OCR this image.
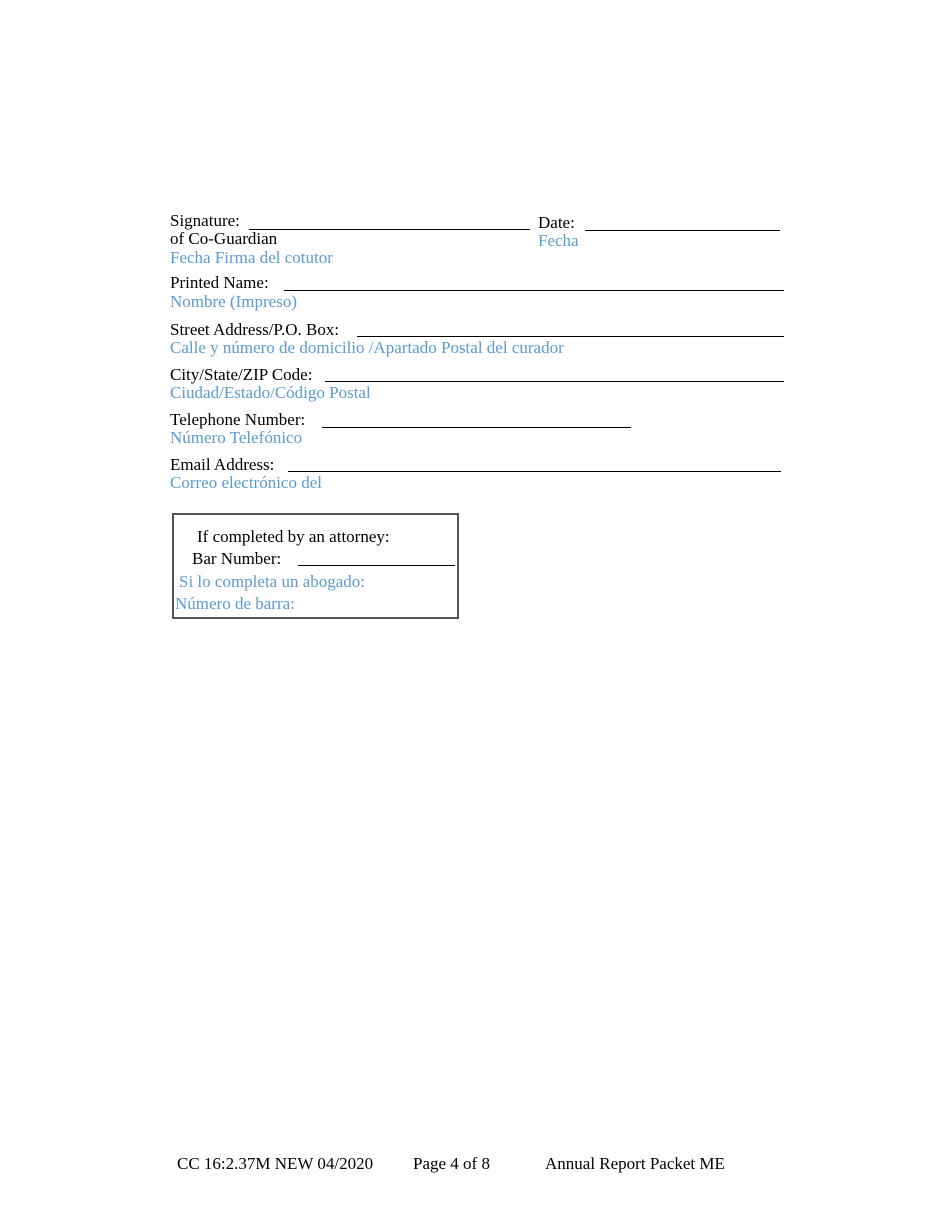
Signature:
of Co-Guardian
Fecha Firma del cotutor
Date:
Fecha
Printed Name:
Nombre (Impreso)
Street Address/P.O. Box:
Calle y número de domicilio /Apartado Postal del curador
City/State/ZIP Code:
Ciudad/Estado/Código Postal
Telephone Number:
Número Telefónico
Email Address:
Correo electrónico del
If completed by an attorney:
Bar Number:
Si lo completa un abogado:
Número de barra:
CC 16:2.37M NEW 04/2020 Page 4 of 8	Annual Report Packet ME
